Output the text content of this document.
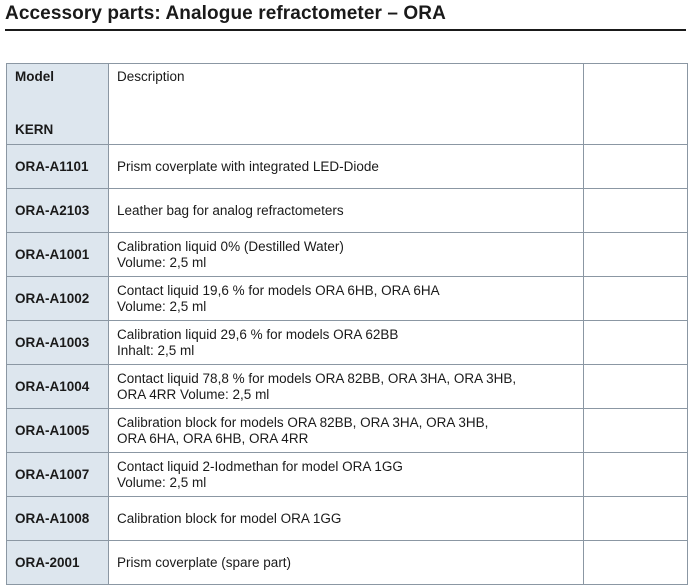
Accessory parts: Analogue refractometer – ORA
Model
KERN	Description	
ORA-A1101	Prism coverplate with integrated LED-Diode	

ORA-A2103	Leather bag for analog refractometers	

ORA-A1001	Calibration liquid 0% (Destilled Water)
Volume: 2,5 ml	

ORA-A1002	Contact liquid 19,6 % for models ORA 6HB, ORA 6HA
Volume: 2,5 ml	

ORA-A1003	Calibration liquid 29,6 % for models ORA 62BB
Inhalt: 2,5 ml	

ORA-A1004	Contact liquid 78,8 % for models ORA 82BB, ORA 3HA, ORA 3HB,
ORA 4RR Volume: 2,5 ml	

ORA-A1005	Calibration block for models ORA 82BB, ORA 3HA, ORA 3HB,
ORA 6HA, ORA 6HB, ORA 4RR	

ORA-A1007	Contact liquid 2-Iodmethan for model ORA 1GG
Volume: 2,5 ml	

ORA-A1008	Calibration block for model ORA 1GG	

ORA-2001	Prism coverplate (spare part)	
